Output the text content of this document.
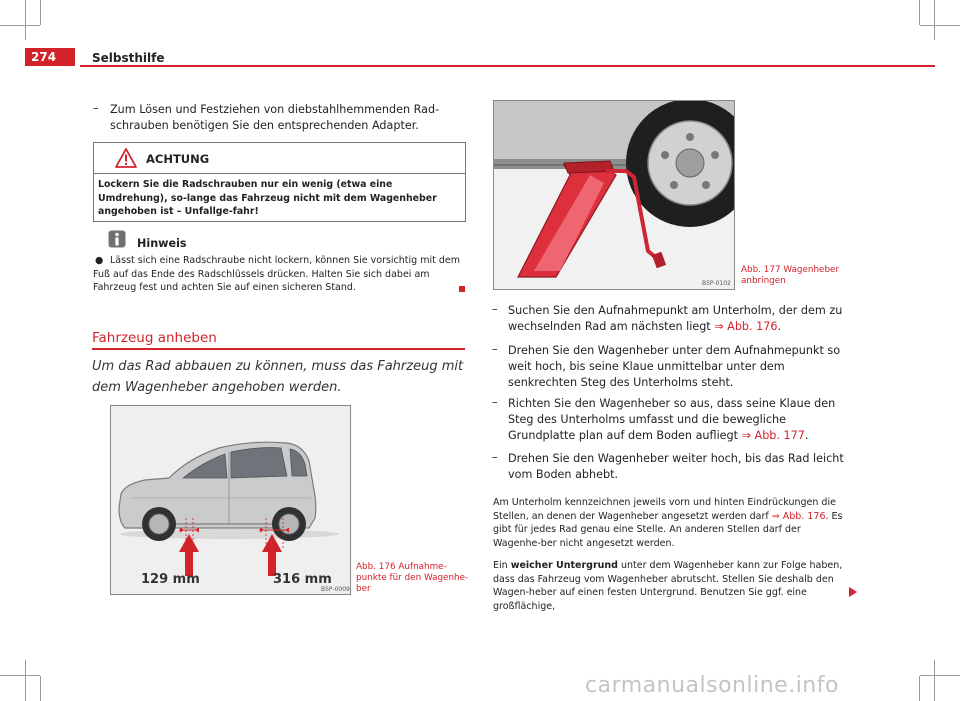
274	Selbsthilfe
– Zum Lösen und Festziehen von diebstahlhemmenden Rad-schrauben benötigen Sie den entsprechenden Adapter.
ACHTUNG
Lockern Sie die Radschrauben nur ein wenig (etwa eine Umdrehung), so-lange das Fahrzeug nicht mit dem Wagenheber angehoben ist – Unfallge-fahr!
Hinweis
● Lässt sich eine Radschraube nicht lockern, können Sie vorsichtig mit dem Fuß auf das Ende des Radschlüssels drücken. Halten Sie sich dabei am Fahrzeug fest und achten Sie auf einen sicheren Stand.
Fahrzeug anheben
Um das Rad abbauen zu können, muss das Fahrzeug mit dem Wagenheber angehoben werden.
129 mm	316 mm
B5P-0009
Abb. 176 Aufnahme-punkte für den Wagenhe-ber
B5P-0102
Abb. 177 Wagenheber anbringen
– Suchen Sie den Aufnahmepunkt am Unterholm, der dem zu wechselnden Rad am nächsten liegt ⇒ Abb. 176.
– Drehen Sie den Wagenheber unter dem Aufnahmepunkt so weit hoch, bis seine Klaue unmittelbar unter dem senkrechten Steg des Unterholms steht.
– Richten Sie den Wagenheber so aus, dass seine Klaue den Steg des Unterholms umfasst und die bewegliche Grundplatte plan auf dem Boden aufliegt ⇒ Abb. 177.
– Drehen Sie den Wagenheber weiter hoch, bis das Rad leicht vom Boden abhebt.
Am Unterholm kennzeichnen jeweils vorn und hinten Eindrückungen die Stellen, an denen der Wagenheber angesetzt werden darf ⇒ Abb. 176. Es gibt für jedes Rad genau eine Stelle. An anderen Stellen darf der Wagenhe-ber nicht angesetzt werden.
Ein weicher Untergrund unter dem Wagenheber kann zur Folge haben, dass das Fahrzeug vom Wagenheber abrutscht. Stellen Sie deshalb den Wagen-heber auf einen festen Untergrund. Benutzen Sie ggf. eine großflächige,
carmanualsonline.info
